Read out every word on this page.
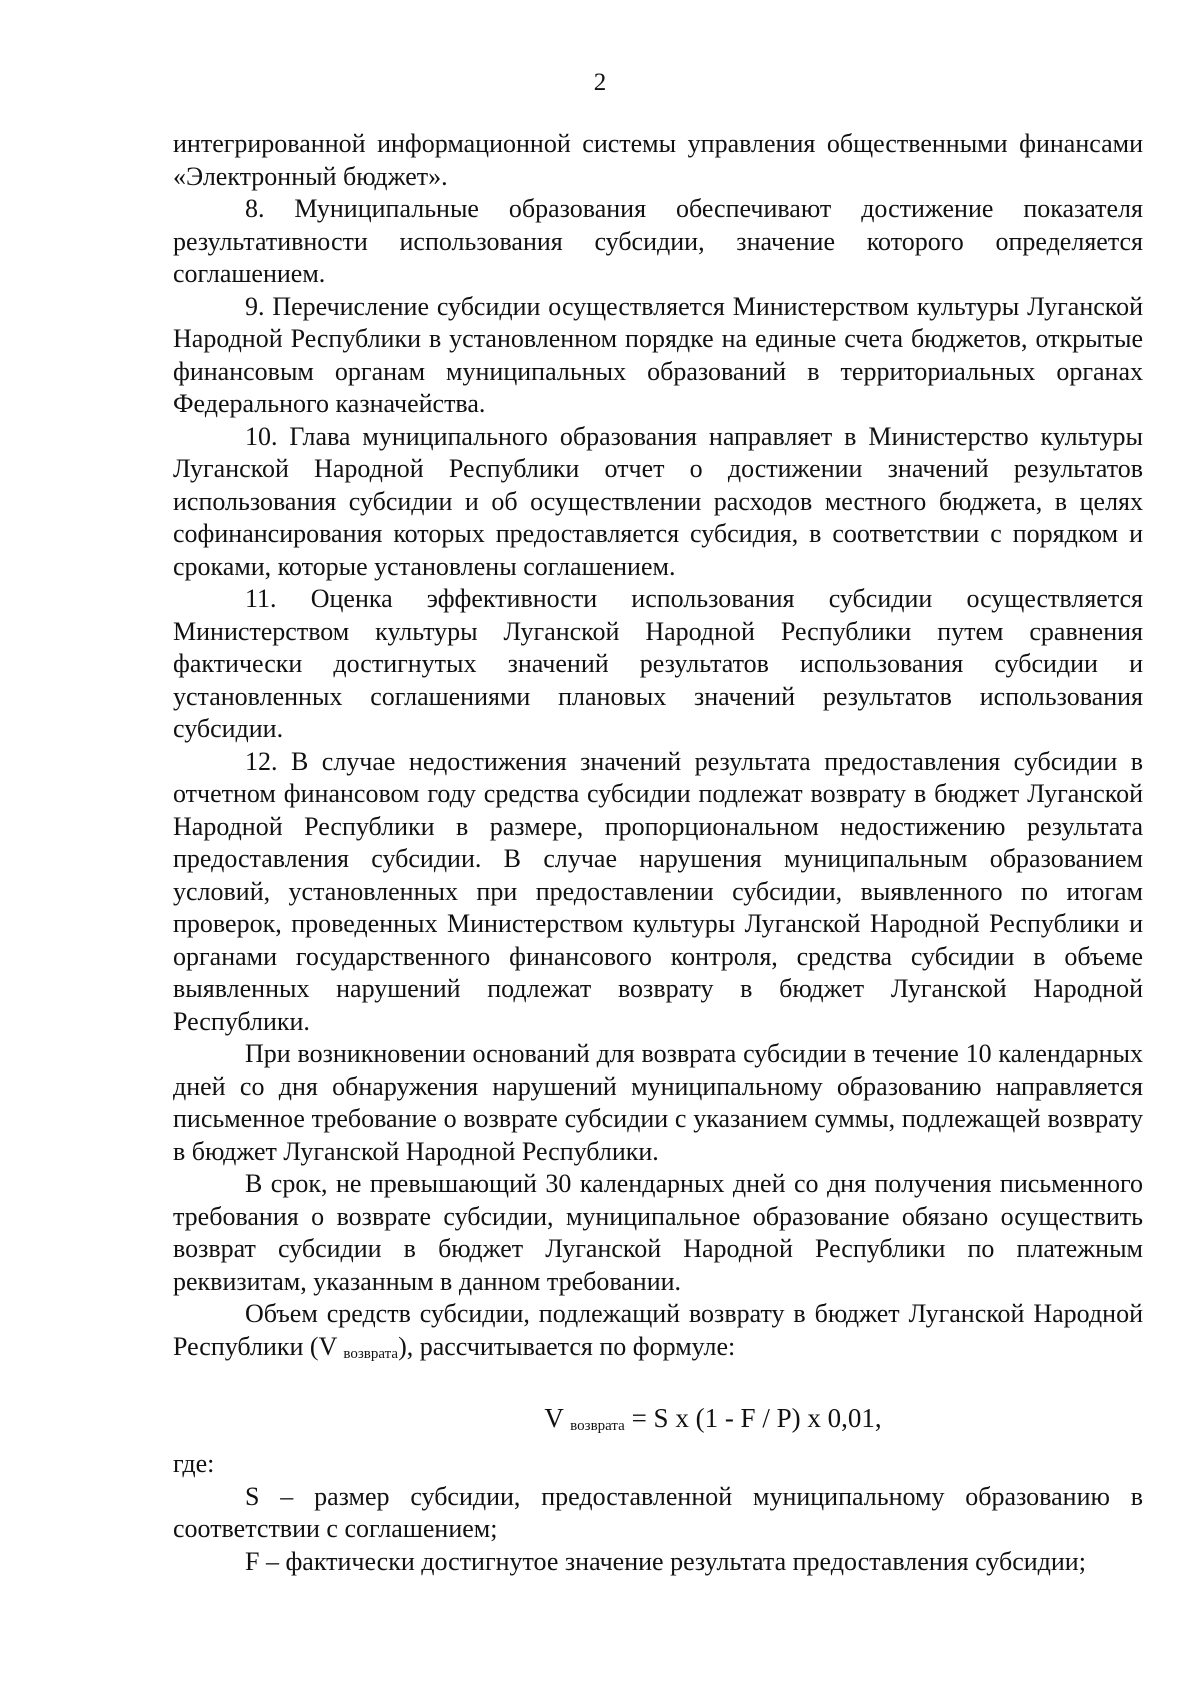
2

интегрированной информационной системы управления общественными финансами «Электронный бюджет».

8. Муниципальные образования обеспечивают достижение показателя результативности использования субсидии, значение которого определяется соглашением.

9. Перечисление субсидии осуществляется Министерством культуры Луганской Народной Республики в установленном порядке на единые счета бюджетов, открытые финансовым органам муниципальных образований в территориальных органах Федерального казначейства.

10. Глава муниципального образования направляет в Министерство культуры Луганской Народной Республики отчет о достижении значений результатов использования субсидии и об осуществлении расходов местного бюджета, в целях софинансирования которых предоставляется субсидия, в соответствии с порядком и сроками, которые установлены соглашением.

11. Оценка эффективности использования субсидии осуществляется Министерством культуры Луганской Народной Республики путем сравнения фактически достигнутых значений результатов использования субсидии и установленных соглашениями плановых значений результатов использования субсидии.

12. В случае недостижения значений результата предоставления субсидии в отчетном финансовом году средства субсидии подлежат возврату в бюджет Луганской Народной Республики в размере, пропорциональном недостижению результата предоставления субсидии. В случае нарушения муниципальным образованием условий, установленных при предоставлении субсидии, выявленного по итогам проверок, проведенных Министерством культуры Луганской Народной Республики и органами государственного финансового контроля, средства субсидии в объеме выявленных нарушений подлежат возврату в бюджет Луганской Народной Республики.

При возникновении оснований для возврата субсидии в течение 10 календарных дней со дня обнаружения нарушений муниципальному образованию направляется письменное требование о возврате субсидии с указанием суммы, подлежащей возврату в бюджет Луганской Народной Республики.

В срок, не превышающий 30 календарных дней со дня получения письменного требования о возврате субсидии, муниципальное образование обязано осуществить возврат субсидии в бюджет Луганской Народной Республики по платежным реквизитам, указанным в данном требовании.

Объем средств субсидии, подлежащий возврату в бюджет Луганской Народной Республики (V $_{возврата}$), рассчитывается по формуле:

V $_{возврата}$ = S x (1 - F / P) x 0,01,

где:

S – размер субсидии, предоставленной муниципальному образованию в соответствии с соглашением;

F – фактически достигнутое значение результата предоставления субсидии;
